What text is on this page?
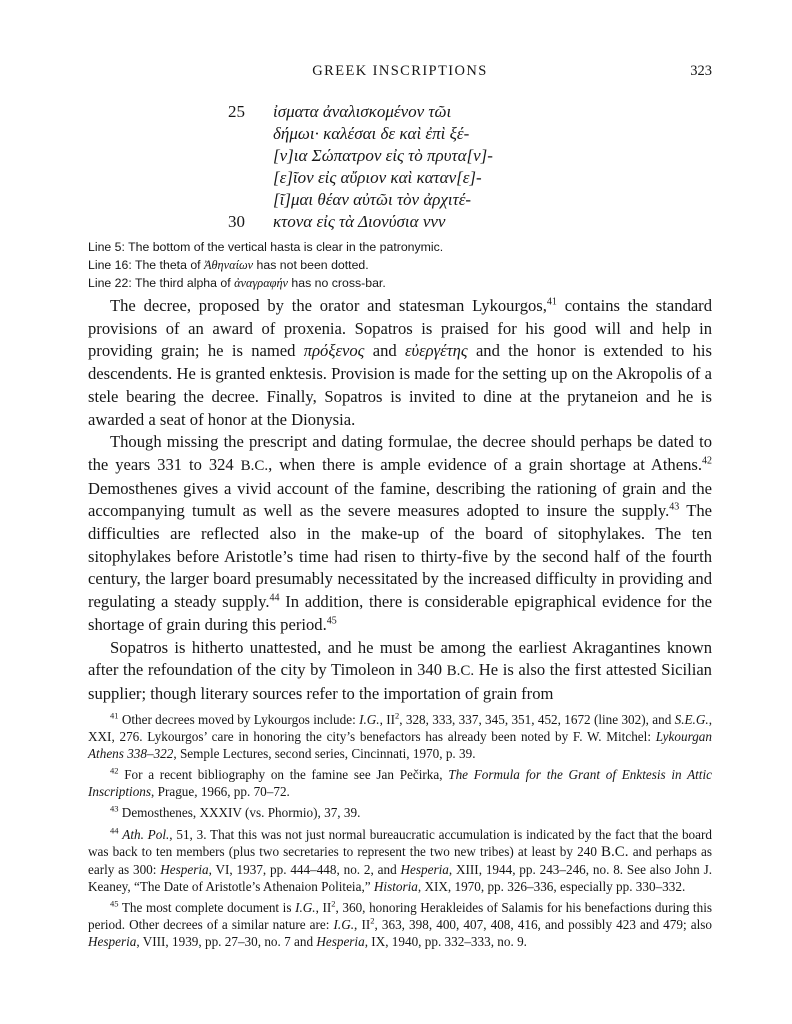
GREEK INSCRIPTIONS	323
25	ἰσματα ἀναλισκομένον τῶι
δήμωι· καλέσαι δε καὶ ἐπὶ ξέ-
[ν]ια Σώπατρον εἰς τὸ πρυτα[ν]-
[ε]ῖον εἰς αὔριον καὶ καταν[ε]-
[ῖ]μαι θέαν αὐτῶι τὸν ἀρχιτέ-
30	κτονα εἰς τὰ Διονύσια vvv
Line 5: The bottom of the vertical hasta is clear in the patronymic.
Line 16: The theta of Ἀθηναίων has not been dotted.
Line 22: The third alpha of ἀναγραφήν has no cross-bar.

The decree, proposed by the orator and statesman Lykourgos,$^{41}$ contains the standard provisions of an award of proxenia. Sopatros is praised for his good will and help in providing grain; he is named πρόξενος and εὐεργέτης and the honor is extended to his descendents. He is granted enktesis. Provision is made for the setting up on the Akropolis of a stele bearing the decree. Finally, Sopatros is invited to dine at the prytaneion and he is awarded a seat of honor at the Dionysia.

Though missing the prescript and dating formulae, the decree should perhaps be dated to the years 331 to 324 B.C., when there is ample evidence of a grain shortage at Athens.$^{42}$ Demosthenes gives a vivid account of the famine, describing the rationing of grain and the accompanying tumult as well as the severe measures adopted to insure the supply.$^{43}$ The difficulties are reflected also in the make-up of the board of sitophylakes. The ten sitophylakes before Aristotle’s time had risen to thirty-five by the second half of the fourth century, the larger board presumably necessitated by the increased difficulty in providing and regulating a steady supply.$^{44}$ In addition, there is considerable epigraphical evidence for the shortage of grain during this period.$^{45}$

Sopatros is hitherto unattested, and he must be among the earliest Akragantines known after the refoundation of the city by Timoleon in 340 B.C. He is also the first attested Sicilian supplier; though literary sources refer to the importation of grain from

$^{41}$ Other decrees moved by Lykourgos include: I.G., $II^2$, 328, 333, 337, 345, 351, 452, 1672 (line 302), and S.E.G., XXI, 276. Lykourgos’ care in honoring the city’s benefactors has already been noted by F. W. Mitchel: Lykourgan Athens 338–322, Semple Lectures, second series, Cincinnati, 1970, p. 39.

$^{42}$ For a recent bibliography on the famine see Jan Pečirka, The Formula for the Grant of Enktesis in Attic Inscriptions, Prague, 1966, pp. 70–72.

$^{43}$ Demosthenes, XXXIV (vs. Phormio), 37, 39.

$^{44}$ Ath. Pol., 51, 3. That this was not just normal bureaucratic accumulation is indicated by the fact that the board was back to ten members (plus two secretaries to represent the two new tribes) at least by 240 B.C. and perhaps as early as 300: Hesperia, VI, 1937, pp. 444–448, no. 2, and Hesperia, XIII, 1944, pp. 243–246, no. 8. See also John J. Keaney, “The Date of Aristotle’s Athenaion Politeia,” Historia, XIX, 1970, pp. 326–336, especially pp. 330–332.

$^{45}$ The most complete document is I.G., $II^2$, 360, honoring Herakleides of Salamis for his benefactions during this period. Other decrees of a similar nature are: I.G., $II^2$, 363, 398, 400, 407, 408, 416, and possibly 423 and 479; also Hesperia, VIII, 1939, pp. 27–30, no. 7 and Hesperia, IX, 1940, pp. 332–333, no. 9.
